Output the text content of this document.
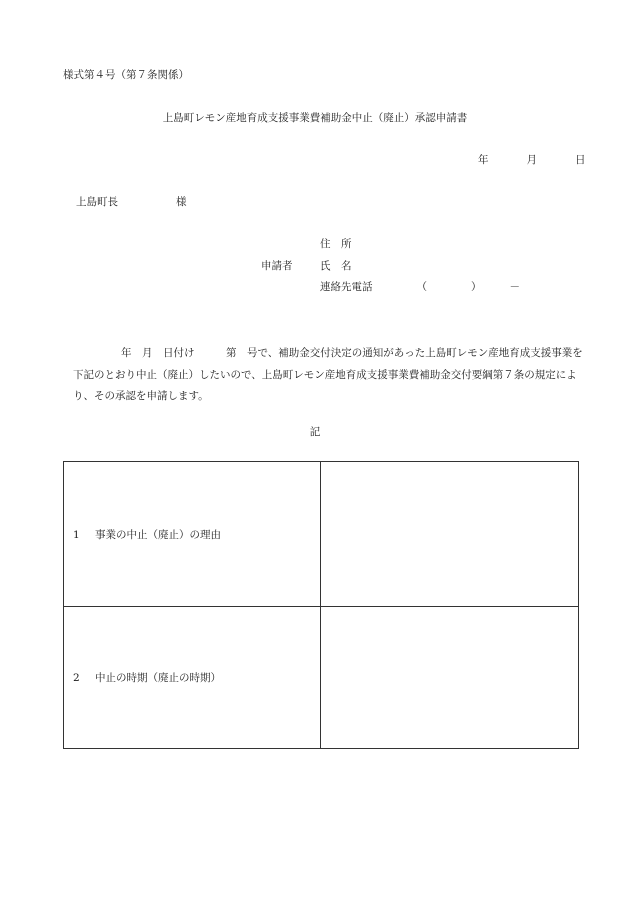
様式第４号（第７条関係）
上島町レモン産地育成支援事業費補助金中止（廃止）承認申請書
年	月	日
上島町長	様
申請者
住　所
氏　名
連絡先電話	（	）	－
年　月　日付け　　　第　号で、補助金交付決定の通知があった上島町レモン産地育成支援事業を下記のとおり中止（廃止）したいので、上島町レモン産地育成支援事業費補助金交付要綱第７条の規定により、その承認を申請します。
記
1 事業の中止（廃止）の理由	
2 中止の時期（廃止の時期）	
